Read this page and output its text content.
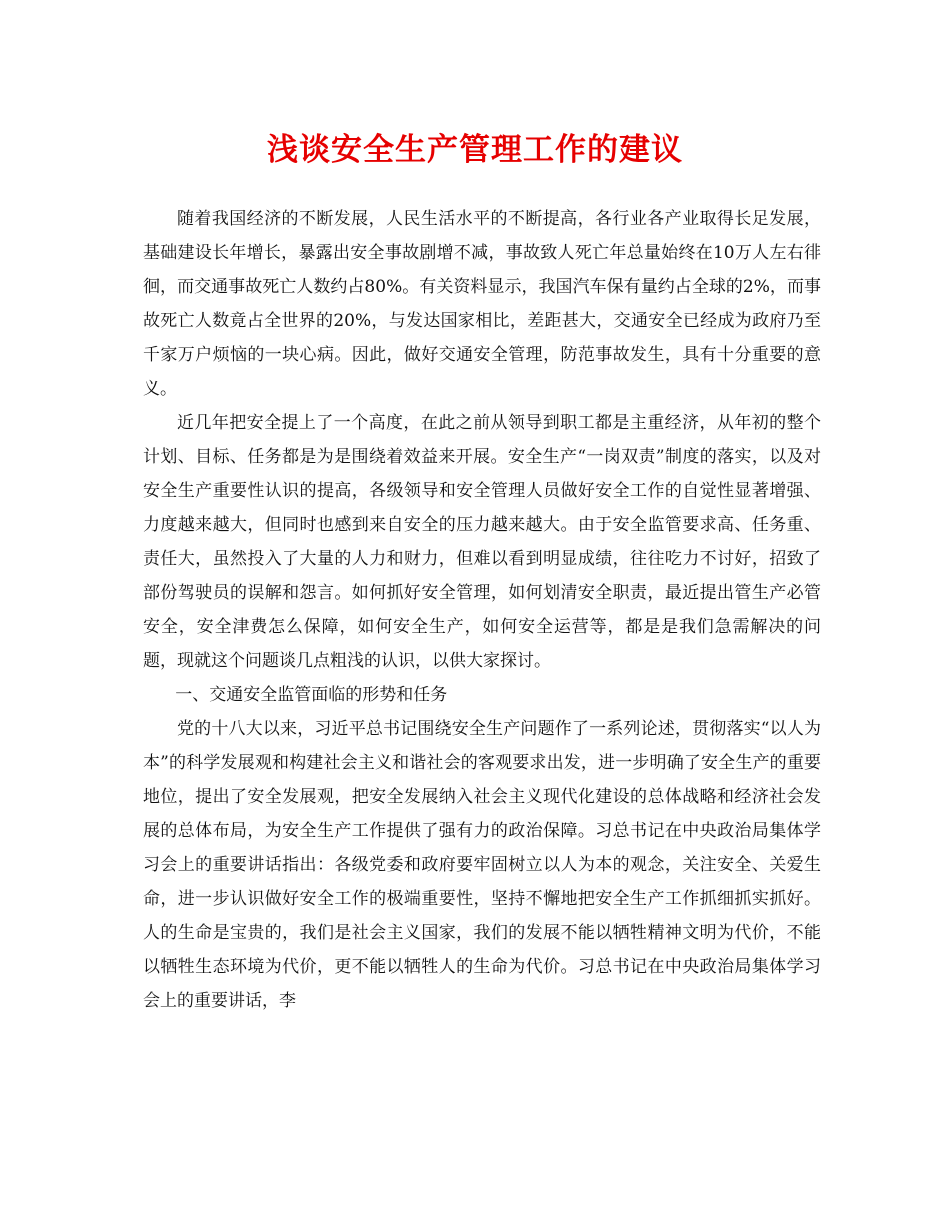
浅谈安全生产管理工作的建议

随着我国经济的不断发展，人民生活水平的不断提高，各行业各产业取得长足发展，基础建设长年增长，暴露出安全事故剧增不减，事故致人死亡年总量始终在10万人左右徘徊，而交通事故死亡人数约占80%。有关资料显示，我国汽车保有量约占全球的2%，而事故死亡人数竟占全世界的20%，与发达国家相比，差距甚大，交通安全已经成为政府乃至千家万户烦恼的一块心病。因此，做好交通安全管理，防范事故发生，具有十分重要的意义。

近几年把安全提上了一个高度，在此之前从领导到职工都是主重经济，从年初的整个计划、目标、任务都是为是围绕着效益来开展。安全生产“一岗双责”制度的落实，以及对安全生产重要性认识的提高，各级领导和安全管理人员做好安全工作的自觉性显著增强、力度越来越大，但同时也感到来自安全的压力越来越大。由于安全监管要求高、任务重、责任大，虽然投入了大量的人力和财力，但难以看到明显成绩，往往吃力不讨好，招致了部份驾驶员的误解和怨言。如何抓好安全管理，如何划清安全职责，最近提出管生产必管安全，安全津费怎么保障，如何安全生产，如何安全运营等，都是是我们急需解决的问题，现就这个问题谈几点粗浅的认识，以供大家探讨。

一、交通安全监管面临的形势和任务

党的十八大以来，习近平总书记围绕安全生产问题作了一系列论述，贯彻落实“以人为本”的科学发展观和构建社会主义和谐社会的客观要求出发，进一步明确了安全生产的重要地位，提出了安全发展观，把安全发展纳入社会主义现代化建设的总体战略和经济社会发展的总体布局，为安全生产工作提供了强有力的政治保障。习总书记在中央政治局集体学习会上的重要讲话指出：各级党委和政府要牢固树立以人为本的观念，关注安全、关爱生命，进一步认识做好安全工作的极端重要性，坚持不懈地把安全生产工作抓细抓实抓好。人的生命是宝贵的，我们是社会主义国家，我们的发展不能以牺牲精神文明为代价，不能以牺牲生态环境为代价，更不能以牺牲人的生命为代价。习总书记在中央政治局集体学习会上的重要讲话，李
